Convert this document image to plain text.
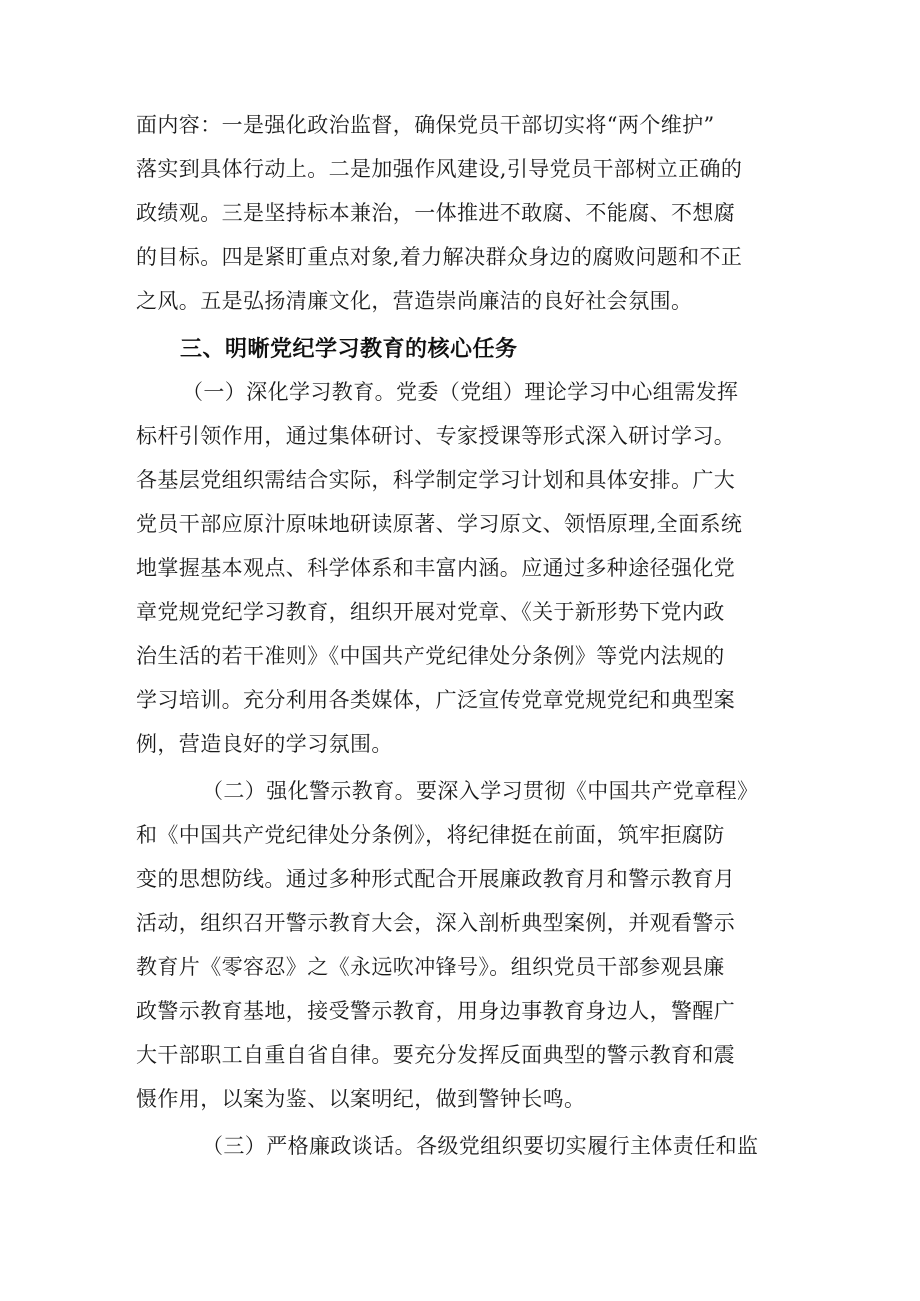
面内容：一是强化政治监督，确保党员干部切实将“两个维护”
落实到具体行动上。二是加强作风建设,引导党员干部树立正确的
政绩观。三是坚持标本兼治，一体推进不敢腐、不能腐、不想腐
的目标。四是紧盯重点对象,着力解决群众身边的腐败问题和不正
之风。五是弘扬清廉文化，营造崇尚廉洁的良好社会氛围。
三、明晰党纪学习教育的核心任务
（一）深化学习教育。党委（党组）理论学习中心组需发挥
标杆引领作用，通过集体研讨、专家授课等形式深入研讨学习。
各基层党组织需结合实际，科学制定学习计划和具体安排。广大
党员干部应原汁原味地研读原著、学习原文、领悟原理,全面系统
地掌握基本观点、科学体系和丰富内涵。应通过多种途径强化党
章党规党纪学习教育，组织开展对党章、《关于新形势下党内政
治生活的若干准则》《中国共产党纪律处分条例》等党内法规的
学习培训。充分利用各类媒体，广泛宣传党章党规党纪和典型案
例，营造良好的学习氛围。
（二）强化警示教育。要深入学习贯彻《中国共产党章程》
和《中国共产党纪律处分条例》，将纪律挺在前面，筑牢拒腐防
变的思想防线。通过多种形式配合开展廉政教育月和警示教育月
活动，组织召开警示教育大会，深入剖析典型案例，并观看警示
教育片《零容忍》之《永远吹冲锋号》。组织党员干部参观县廉
政警示教育基地，接受警示教育，用身边事教育身边人，警醒广
大干部职工自重自省自律。要充分发挥反面典型的警示教育和震
慑作用，以案为鉴、以案明纪，做到警钟长鸣。
（三）严格廉政谈话。各级党组织要切实履行主体责任和监
